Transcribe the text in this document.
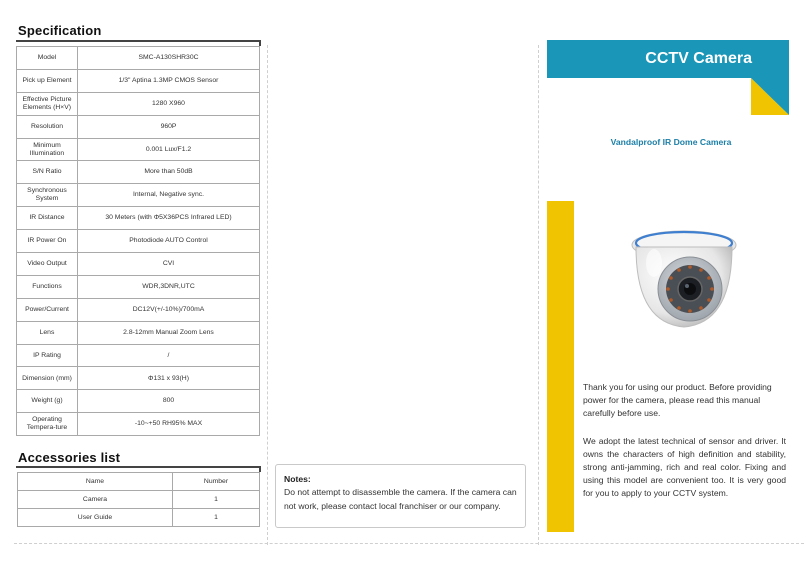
Specification
Model	SMC-A130SHR30C
Pick up Element	1/3" Aptina 1.3MP CMOS Sensor
Effective Picture Elements (H×V)	1280 X960
Resolution	960P
Minimum Illumination	0.001 Lux/F1.2
S/N Ratio	More than 50dB
Synchronous System	Internal, Negative sync.
IR Distance	30 Meters (with Φ5X36PCS Infrared LED)
IR Power On	Photodiode AUTO Control
Video Output	CVI
Functions	WDR,3DNR,UTC
Power/Current	DC12V(+/-10%)/700mA
Lens	2.8-12mm Manual Zoom Lens
IP Rating	/
Dimension (mm)	Φ131 x 93(H)
Weight (g)	800
Operating Tempera-ture	-10~+50 RH95% MAX
Accessories list
Name	Number
Camera	1
User Guide	1
Notes:
Do not attempt to disassemble the camera. If the camera can not work, please contact local franchiser or our company.
CCTV Camera
Vandalproof IR Dome Camera
Thank you for using our product. Before providing power for the camera, please read this manual carefully before use.
We adopt the latest technical of sensor and driver. It owns the characters of high definition and stability, strong anti-jamming, rich and real color. Fixing and using this model are convenient too. It is very good for you to apply to your CCTV system.
